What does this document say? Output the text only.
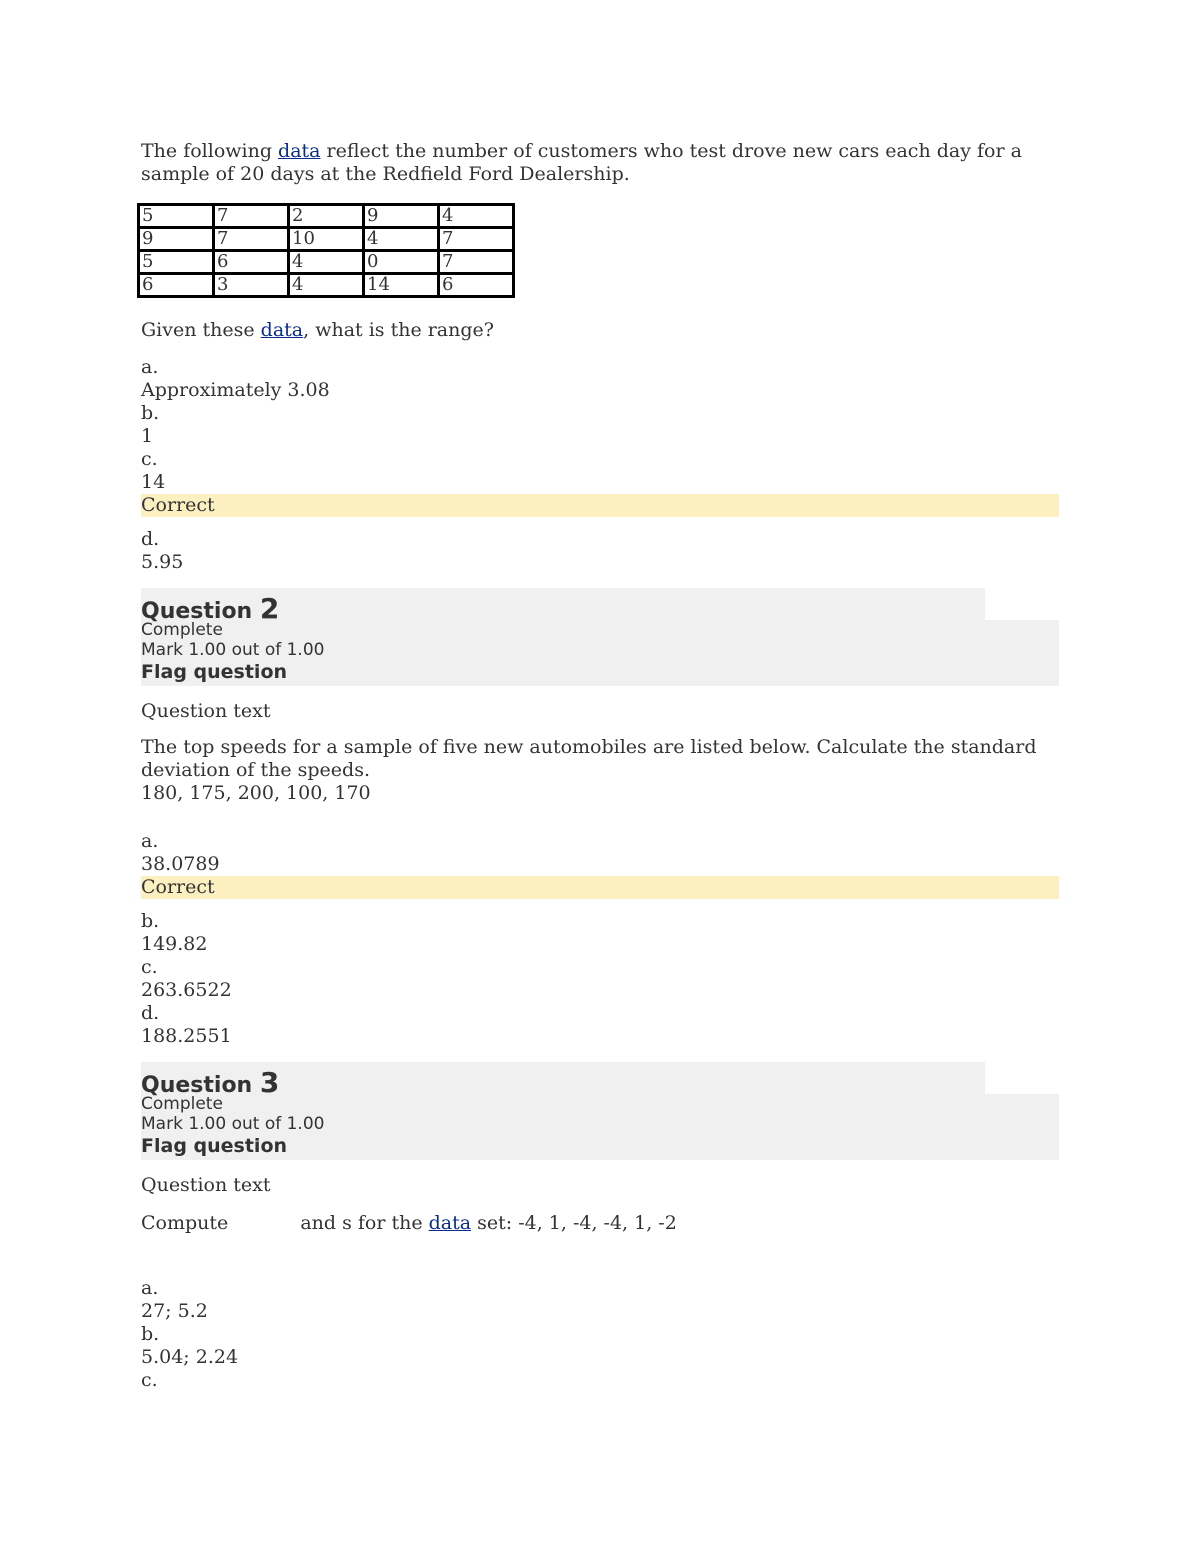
The following data reflect the number of customers who test drove new cars each day for a sample of 20 days at the Redfield Ford Dealership.
5	7	2	9	4
9	7	10	4	7
5	6	4	0	7
6	3	4	14	6
Given these data, what is the range?
a.
Approximately 3.08
b.
1
c.
14
Correct
d.
5.95
Question 2
Complete
Mark 1.00 out of 1.00
Flag question
Question text
The top speeds for a sample of five new automobiles are listed below. Calculate the standard deviation of the speeds.
180, 175, 200, 100, 170
a.
38.0789
Correct
b.
149.82
c.
263.6522
d.
188.2551
Question 3
Complete
Mark 1.00 out of 1.00
Flag question
Question text
Compute	and s for the data set: -4, 1, -4, -4, 1, -2
a.
27; 5.2
b.
5.04; 2.24
c.
